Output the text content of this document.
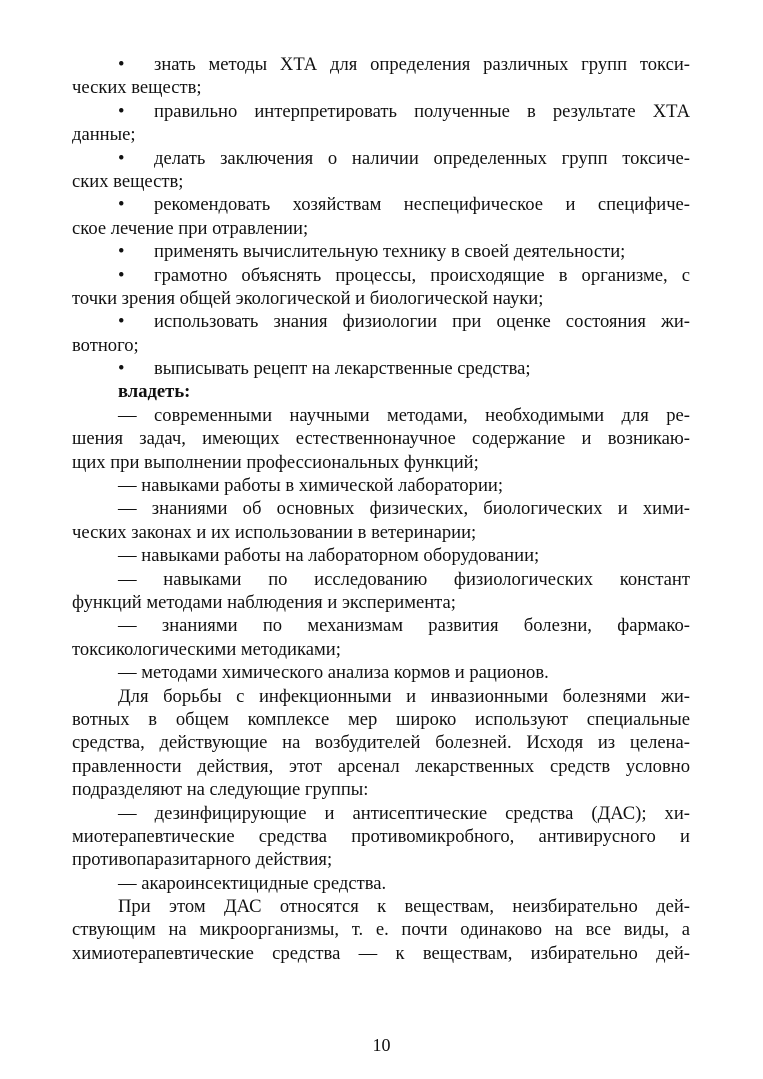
• знать методы ХТА для определения различных групп токси-
ческих веществ;
• правильно интерпретировать полученные в результате ХТА
данные;
• делать заключения о наличии определенных групп токсиче-
ских веществ;
• рекомендовать хозяйствам неспецифическое и специфиче-
ское лечение при отравлении;
• применять вычислительную технику в своей деятельности;
• грамотно объяснять процессы, происходящие в организме, с
точки зрения общей экологической и биологической науки;
• использовать знания физиологии при оценке состояния жи-
вотного;
• выписывать рецепт на лекарственные средства;
владеть:
— современными научными методами, необходимыми для ре-
шения задач, имеющих естественнонаучное содержание и возникаю-
щих при выполнении профессиональных функций;
— навыками работы в химической лаборатории;
— знаниями об основных физических, биологических и хими-
ческих законах и их использовании в ветеринарии;
— навыками работы на лабораторном оборудовании;
— навыками по исследованию физиологических констант
функций методами наблюдения и эксперимента;
— знаниями по механизмам развития болезни, фармако-
токсикологическими методиками;
— методами химического анализа кормов и рационов.
Для борьбы с инфекционными и инвазионными болезнями жи-
вотных в общем комплексе мер широко используют специальные
средства, действующие на возбудителей болезней. Исходя из целена-
правленности действия, этот арсенал лекарственных средств условно
подразделяют на следующие группы:
— дезинфицирующие и антисептические средства (ДАС); хи-
миотерапевтические средства противомикробного, антивирусного и
противопаразитарного действия;
— акароинсектицидные средства.
При этом ДАС относятся к веществам, неизбирательно дей-
ствующим на микроорганизмы, т. е. почти одинаково на все виды, а
химиотерапевтические средства — к веществам, избирательно дей-
10
